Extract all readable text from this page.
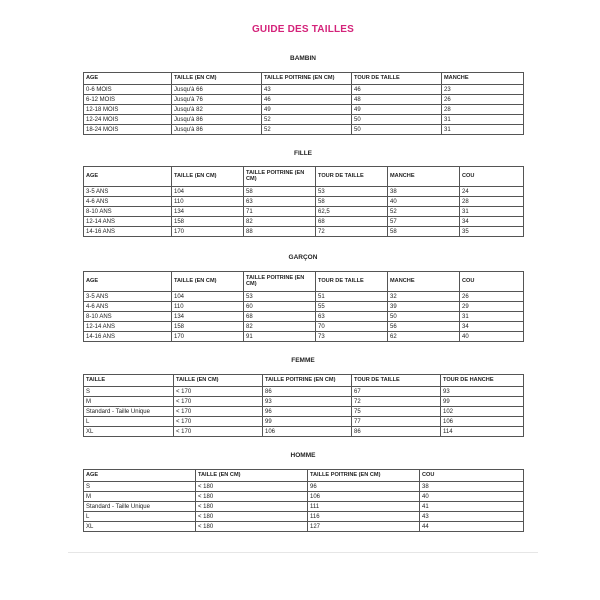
GUIDE DES TAILLES
BAMBIN
AGE	TAILLE (EN CM)	TAILLE POITRINE (EN CM)	TOUR DE TAILLE	MANCHE
0-6 MOIS	Jusqu'à 66	43	46	23
6-12 MOIS	Jusqu'à 76	46	48	26
12-18 MOIS	Jusqu'à 82	49	49	28
12-24 MOIS	Jusqu'à 86	52	50	31
18-24 MOIS	Jusqu'à 86	52	50	31
FILLE
AGE	TAILLE (EN CM)	TAILLE POITRINE (EN CM)	TOUR DE TAILLE	MANCHE	COU
3-5 ANS	104	58	53	38	24
4-6 ANS	110	63	58	40	28
8-10 ANS	134	71	62,5	52	31
12-14 ANS	158	82	68	57	34
14-16 ANS	170	88	72	58	35
GARÇON
AGE	TAILLE (EN CM)	TAILLE POITRINE (EN CM)	TOUR DE TAILLE	MANCHE	COU
3-5 ANS	104	53	51	32	26
4-6 ANS	110	60	55	39	29
8-10 ANS	134	68	63	50	31
12-14 ANS	158	82	70	56	34
14-16 ANS	170	91	73	62	40
FEMME
TAILLE	TAILLE (EN CM)	TAILLE POITRINE (EN CM)	TOUR DE TAILLE	TOUR DE HANCHE
S	< 170	86	67	93
M	< 170	93	72	99
Standard - Taille Unique	< 170	96	75	102
L	< 170	99	77	106
XL	< 170	106	86	114
HOMME
AGE	TAILLE (EN CM)	TAILLE POITRINE (EN CM)	COU
S	< 180	96	38
M	< 180	106	40
Standard - Taille Unique	< 180	111	41
L	< 180	116	43
XL	< 180	127	44
